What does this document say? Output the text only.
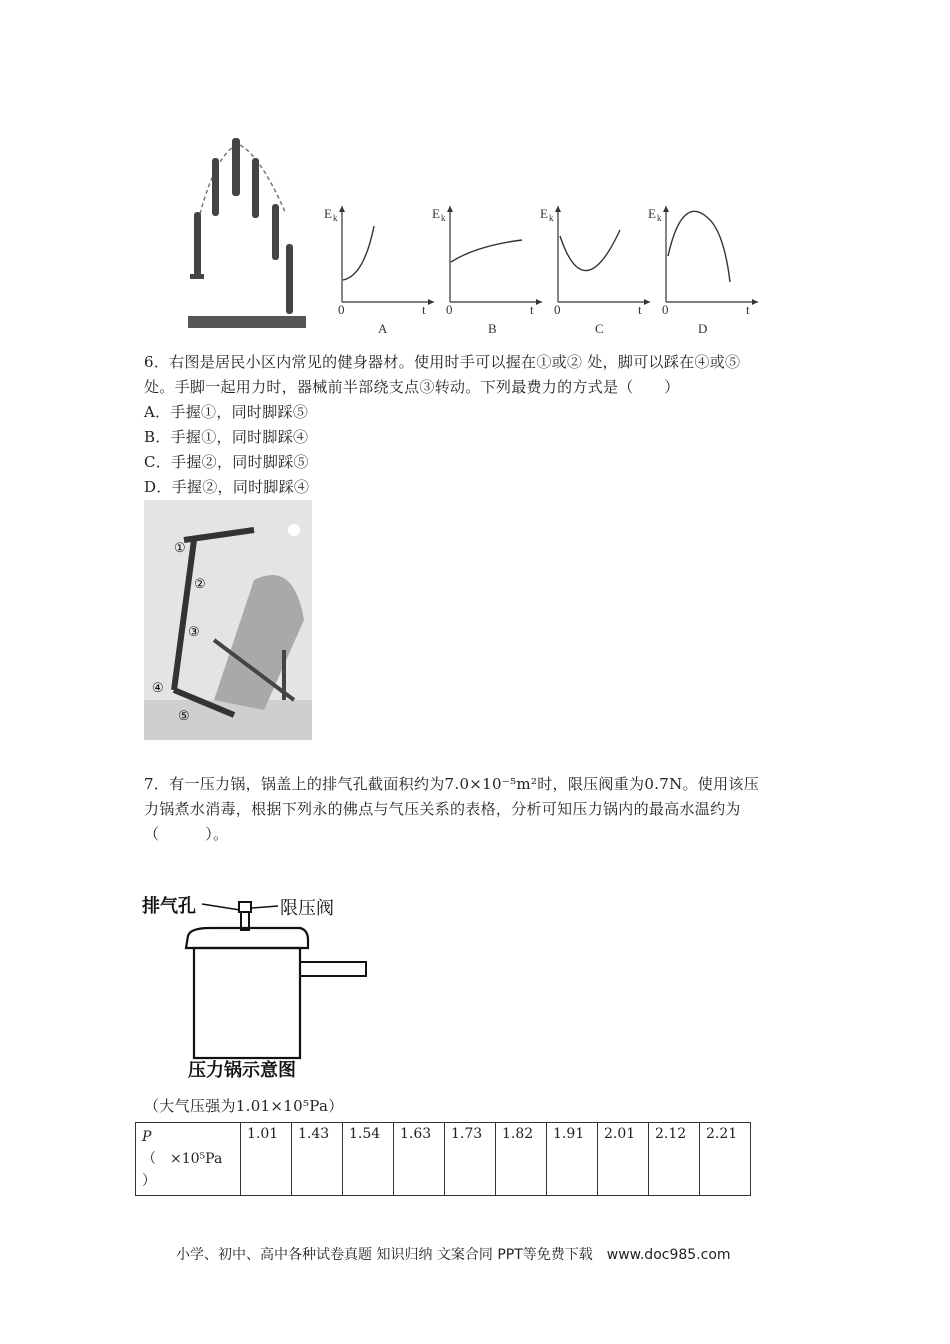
E k
t
0
A
E k
t
0
B
E k
t
0
C
E k
t
0
D
6．右图是居民小区内常见的健身器材。使用时手可以握在①或② 处，脚可以踩在④或⑤
处。手脚一起用力时，器械前半部绕支点③转动。下列最费力的方式是（　　）
A．手握①，同时脚踩⑤
B．手握①，同时脚踩④
C．手握②，同时脚踩⑤
D．手握②，同时脚踩④
①
②
③
④
⑤
7．有一压力锅，锅盖上的排气孔截面积约为7.0×10⁻⁵m²时，限压阀重为0.7N。使用该压
力锅煮水消毒，根据下列永的佛点与气压关系的表格，分析可知压力锅内的最高水温约为
（　　　）。
排气孔	限压阀
压力锅示意图
（大气压强为1.01×10⁵Pa）
P
（　×10⁵Pa
）
	1.01	1.43	1.54	1.63	1.73	1.82	1.91	2.01	2.12	2.21
小学、初中、高中各种试卷真题 知识归纳 文案合同 PPT等免费下载　www.doc985.com
